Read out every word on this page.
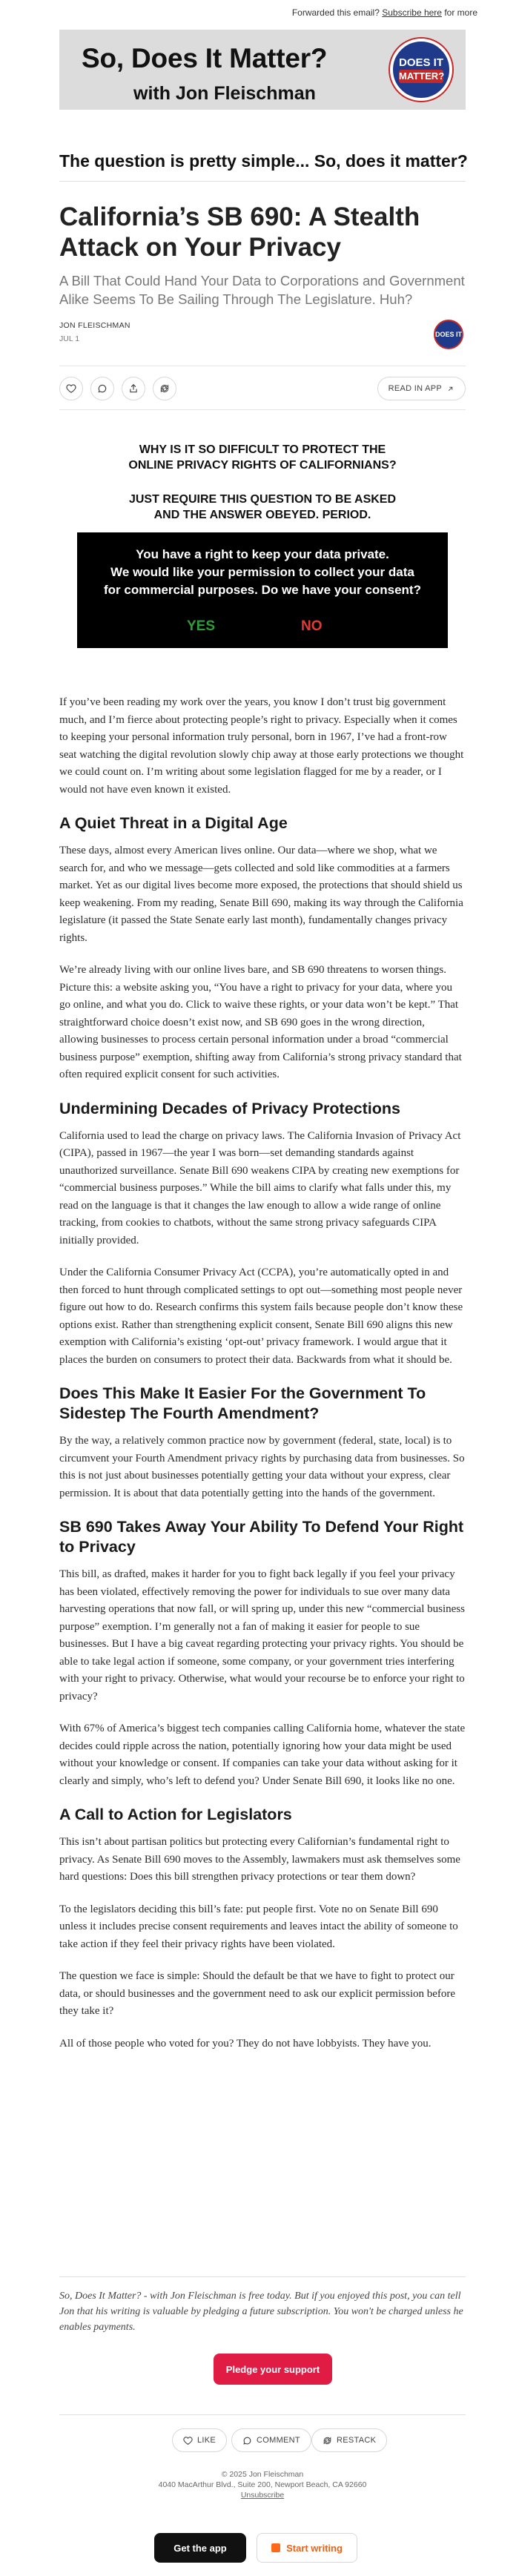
Forwarded this email? Subscribe here for more
So, Does It Matter?
with Jon Fleischman
DOES IT
MATTER?
The question is pretty simple... So, does it matter?
California’s SB 690: A Stealth Attack on Your Privacy
A Bill That Could Hand Your Data to Corporations and Government Alike Seems To Be Sailing Through The Legislature. Huh?
JON FLEISCHMAN
JUL 1	DOES IT
READ IN APP
WHY IS IT SO DIFFICULT TO PROTECT THE
ONLINE PRIVACY RIGHTS OF CALIFORNIANS?
JUST REQUIRE THIS QUESTION TO BE ASKED
AND THE ANSWER OBEYED. PERIOD.
You have a right to keep your data private.
We would like your permission to collect your data
for commercial purposes. Do we have your consent?
YES	NO

If you’ve been reading my work over the years, you know I don’t trust big government much, and I’m fierce about protecting people’s right to privacy. Especially when it comes to keeping your personal information truly personal, born in 1967, I’ve had a front-row seat watching the digital revolution slowly chip away at those early protections we thought we could count on. I’m writing about some legislation flagged for me by a reader, or I would not have even known it existed.

A Quiet Threat in a Digital Age

These days, almost every American lives online. Our data—where we shop, what we search for, and who we message—gets collected and sold like commodities at a farmers market. Yet as our digital lives become more exposed, the protections that should shield us keep weakening. From my reading, Senate Bill 690, making its way through the California legislature (it passed the State Senate early last month), fundamentally changes privacy rights.

We’re already living with our online lives bare, and SB 690 threatens to worsen things. Picture this: a website asking you, “You have a right to privacy for your data, where you go online, and what you do. Click to waive these rights, or your data won’t be kept.” That straightforward choice doesn’t exist now, and SB 690 goes in the wrong direction, allowing businesses to process certain personal information under a broad “commercial business purpose” exemption, shifting away from California’s strong privacy standard that often required explicit consent for such activities.

Undermining Decades of Privacy Protections

California used to lead the charge on privacy laws. The California Invasion of Privacy Act (CIPA), passed in 1967—the year I was born—set demanding standards against unauthorized surveillance. Senate Bill 690 weakens CIPA by creating new exemptions for “commercial business purposes.” While the bill aims to clarify what falls under this, my read on the language is that it changes the law enough to allow a wide range of online tracking, from cookies to chatbots, without the same strong privacy safeguards CIPA initially provided.

Under the California Consumer Privacy Act (CCPA), you’re automatically opted in and then forced to hunt through complicated settings to opt out—something most people never figure out how to do. Research confirms this system fails because people don’t know these options exist. Rather than strengthening explicit consent, Senate Bill 690 aligns this new exemption with California’s existing ‘opt-out’ privacy framework. I would argue that it places the burden on consumers to protect their data. Backwards from what it should be.

Does This Make It Easier For the Government To Sidestep The Fourth Amendment?

By the way, a relatively common practice now by government (federal, state, local) is to circumvent your Fourth Amendment privacy rights by purchasing data from businesses. So this is not just about businesses potentially getting your data without your express, clear permission. It is about that data potentially getting into the hands of the government.

SB 690 Takes Away Your Ability To Defend Your Right to Privacy

This bill, as drafted, makes it harder for you to fight back legally if you feel your privacy has been violated, effectively removing the power for individuals to sue over many data harvesting operations that now fall, or will spring up, under this new “commercial business purpose” exemption. I’m generally not a fan of making it easier for people to sue businesses. But I have a big caveat regarding protecting your privacy rights. You should be able to take legal action if someone, some company, or your government tries interfering with your right to privacy. Otherwise, what would your recourse be to enforce your right to privacy?

With 67% of America’s biggest tech companies calling California home, whatever the state decides could ripple across the nation, potentially ignoring how your data might be used without your knowledge or consent. If companies can take your data without asking for it clearly and simply, who’s left to defend you? Under Senate Bill 690, it looks like no one.

A Call to Action for Legislators

This isn’t about partisan politics but protecting every Californian’s fundamental right to privacy. As Senate Bill 690 moves to the Assembly, lawmakers must ask themselves some hard questions: Does this bill strengthen privacy protections or tear them down?

To the legislators deciding this bill’s fate: put people first. Vote no on Senate Bill 690 unless it includes precise consent requirements and leaves intact the ability of someone to take action if they feel their privacy rights have been violated.

The question we face is simple: Should the default be that we have to fight to protect our data, or should businesses and the government need to ask our explicit permission before they take it?

All of those people who voted for you? They do not have lobbyists. They have you.

So, Does It Matter? - with Jon Fleischman is free today. But if you enjoyed this post, you can tell Jon that his writing is valuable by pledging a future subscription. You won't be charged unless he enables payments.
Pledge your support
LIKE	COMMENT	RESTACK
© 2025 Jon Fleischman
4040 MacArthur Blvd., Suite 200, Newport Beach, CA 92660
Unsubscribe
Get the app	Start writing
